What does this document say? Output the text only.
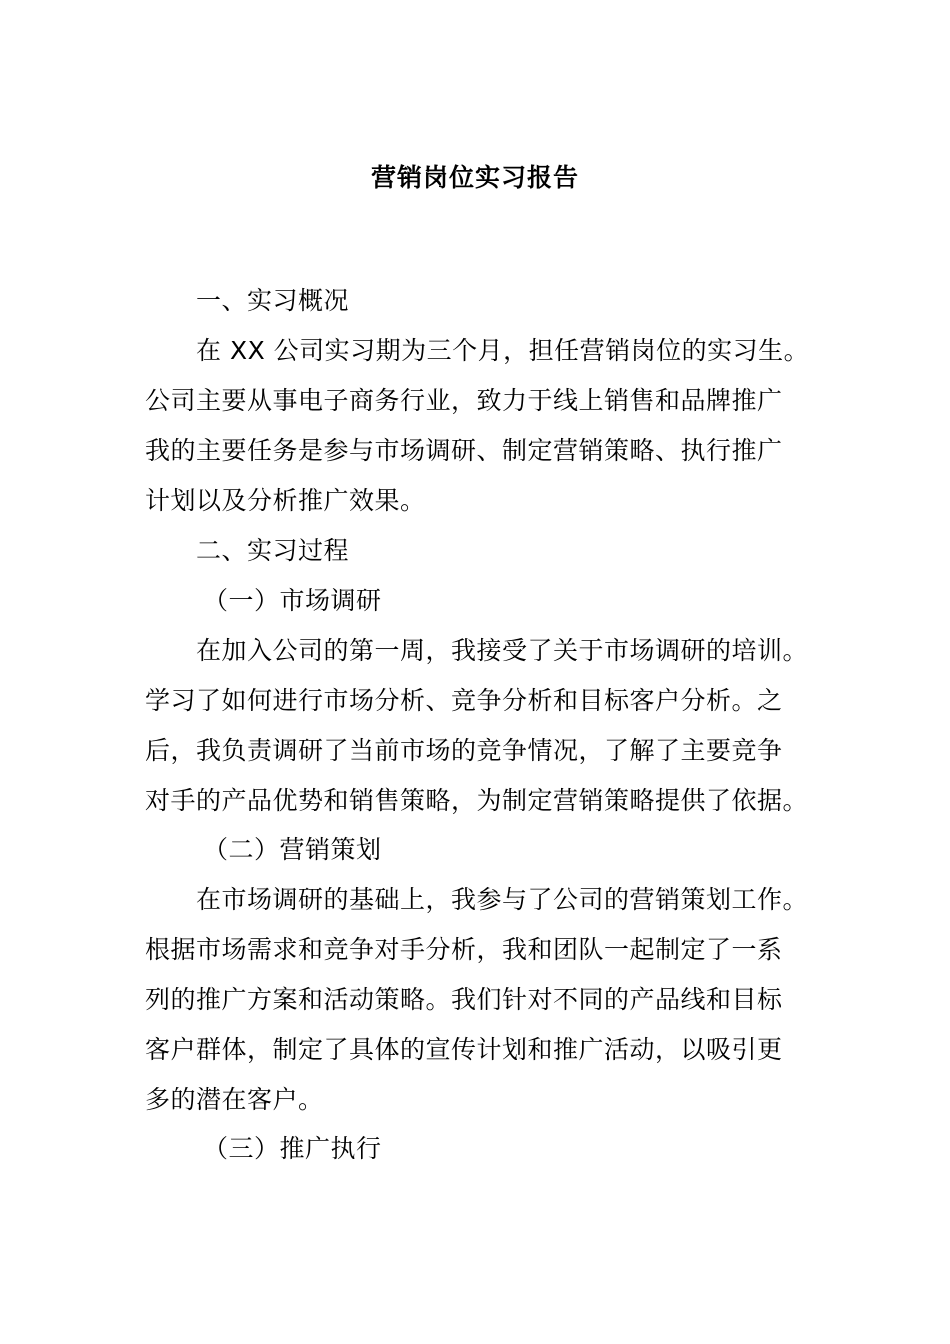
营销岗位实习报告
一、实习概况
在 XX 公司实习期为三个月，担任营销岗位的实习生。
公司主要从事电子商务行业，致力于线上销售和品牌推广
我的主要任务是参与市场调研、制定营销策略、执行推广
计划以及分析推广效果。
二、实习过程
（一）市场调研
在加入公司的第一周，我接受了关于市场调研的培训。
学习了如何进行市场分析、竞争分析和目标客户分析。之
后，我负责调研了当前市场的竞争情况，了解了主要竞争
对手的产品优势和销售策略，为制定营销策略提供了依据。
（二）营销策划
在市场调研的基础上，我参与了公司的营销策划工作。
根据市场需求和竞争对手分析，我和团队一起制定了一系
列的推广方案和活动策略。我们针对不同的产品线和目标
客户群体，制定了具体的宣传计划和推广活动，以吸引更
多的潜在客户。
（三）推广执行
